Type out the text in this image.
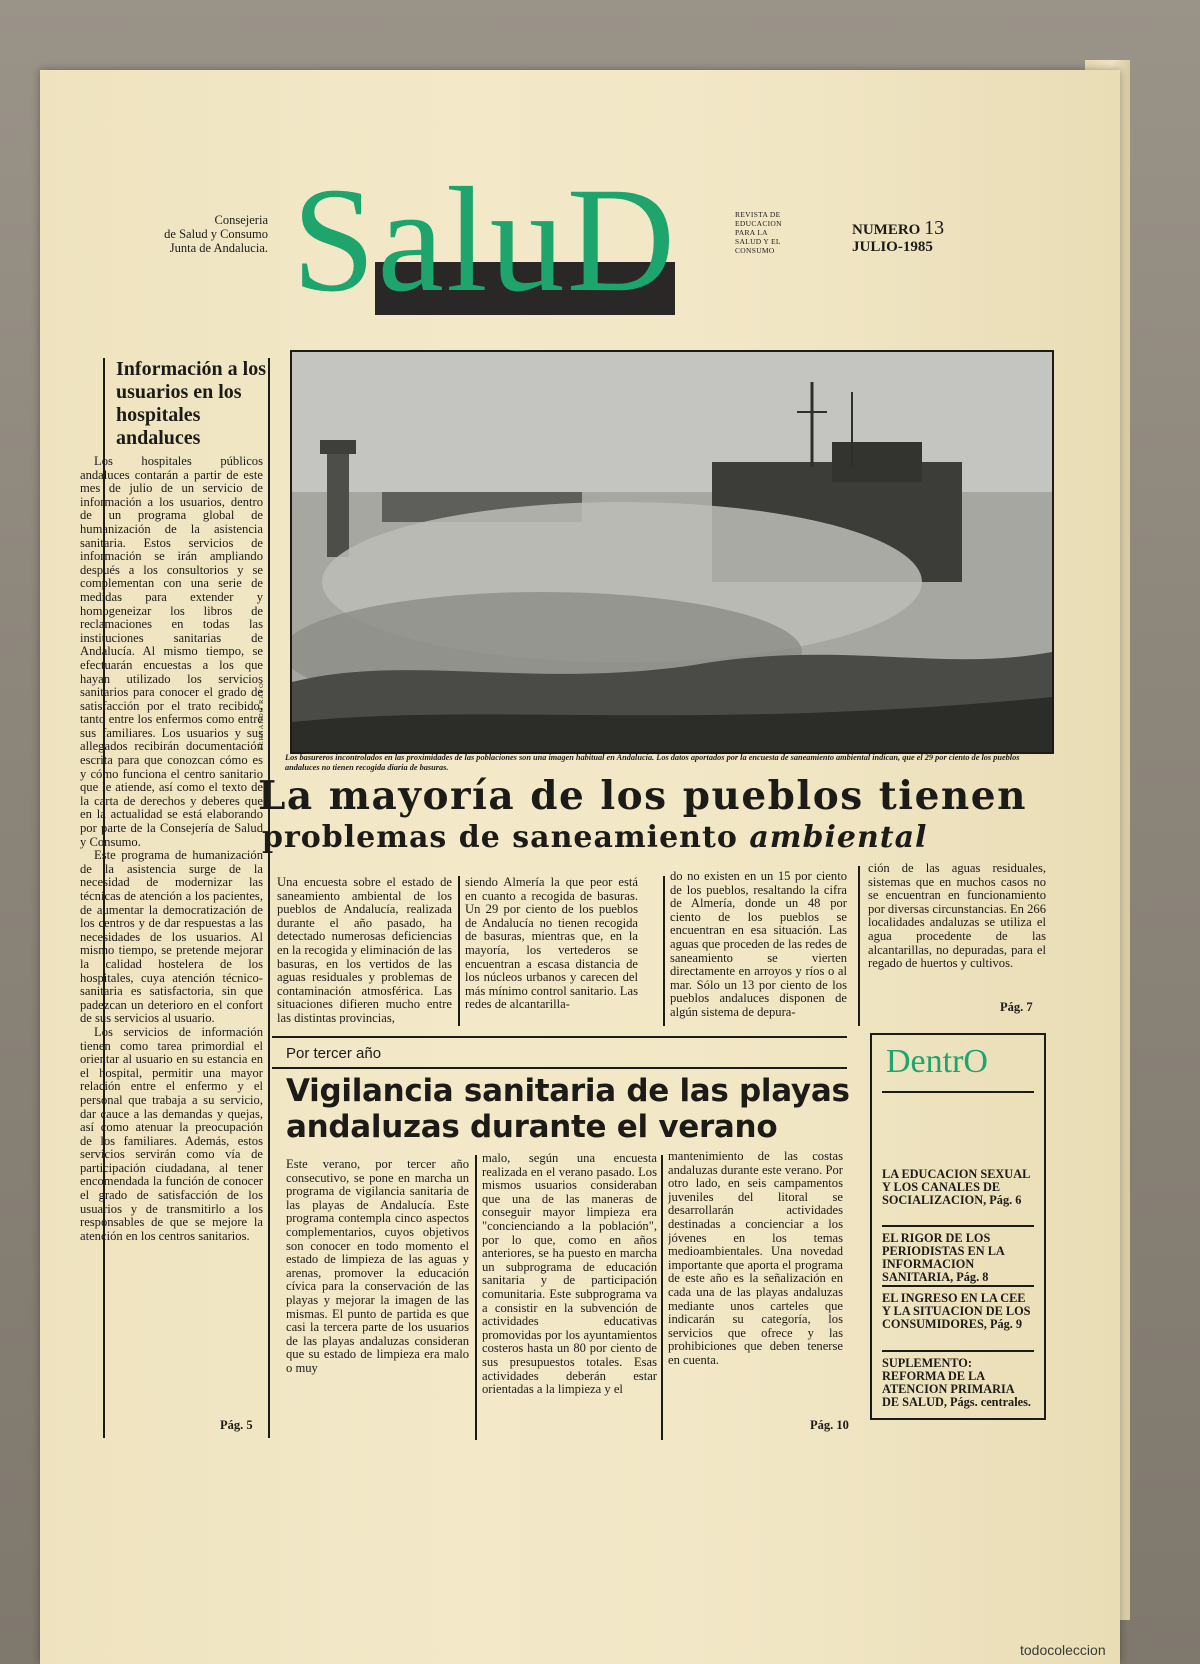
Consejeria
de Salud y Consumo
Junta de Andalucia. SaluD	REVISTA DE
EDUCACION
PARA LA
SALUD Y EL
CONSUMO
NUMERO 13
JULIO-1985
Información a los usuarios en los hospitales andaluces

Los hospitales públicos andaluces contarán a partir de este mes de julio de un servicio de información a los usuarios, dentro de un programa global de humanización de la asistencia sanitaria. Estos servicios de información se irán ampliando después a los consultorios y se complementan con una serie de medidas para extender y homogeneizar los libros de reclamaciones en todas las instituciones sanitarias de Andalucía. Al mismo tiempo, se efectuarán encuestas a los que hayan utilizado los servicios sanitarios para conocer el grado de satisfacción por el trato recibido, tanto entre los enfermos como entre sus familiares. Los usuarios y sus allegados recibirán documentación escrita para que conozcan cómo es y cómo funciona el centro sanitario que le atiende, así como el texto de la carta de derechos y deberes que en la actualidad se está elaborando por parte de la Consejería de Salud y Consumo.

Este programa de humanización de la asistencia surge de la necesidad de modernizar las técnicas de atención a los pacientes, de aumentar la democratización de los centros y de dar respuestas a las necesidades de los usuarios. Al mismo tiempo, se pretende mejorar la calidad hostelera de los hospitales, cuya atención técnico-sanitaria es satisfactoria, sin que padezcan un deterioro en el confort de sus servicios al usuario.

Los servicios de información tienen como tarea primordial el orientar al usuario en su estancia en el hospital, permitir una mayor relación entre el enfermo y el personal que trabaja a su servicio, dar cauce a las demandas y quejas, así como atenuar la preocupación de los familiares. Además, estos servicios servirán como vía de participación ciudadana, al tener encomendada la función de conocer el grado de satisfacción de los usuarios y de transmitirlo a los responsables de que se mejore la atención en los centros sanitarios.

Pág. 5
FERNANDO RAYO
Los basureros incontrolados en las proximidades de las poblaciones son una imagen habitual en Andalucía. Los datos aportados por la encuesta de saneamiento ambiental indican, que el 29 por ciento de los pueblos andaluces no tienen recogida diaria de basuras.
La mayoría de los pueblos tienen
problemas de saneamiento ambiental
Una encuesta sobre el estado de saneamiento ambiental de los pueblos de Andalucía, realizada durante el año pasado, ha detectado numerosas deficiencias en la recogida y eliminación de las basuras, en los vertidos de las aguas residuales y problemas de contaminación atmosférica. Las situaciones difieren mucho entre las distintas provincias,
siendo Almería la que peor está en cuanto a recogida de basuras. Un 29 por ciento de los pueblos de Andalucía no tienen recogida de basuras, mientras que, en la mayoría, los vertederos se encuentran a escasa distancia de los núcleos urbanos y carecen del más mínimo control sanitario. Las redes de alcantarilla-
do no existen en un 15 por ciento de los pueblos, resaltando la cifra de Almería, donde un 48 por ciento de los pueblos se encuentran en esa situación. Las aguas que proceden de las redes de saneamiento se vierten directamente en arroyos y ríos o al mar. Sólo un 13 por ciento de los pueblos andaluces disponen de algún sistema de depura-
ción de las aguas residuales, sistemas que en muchos casos no se encuentran en funcionamiento por diversas circunstancias. En 266 localidades andaluzas se utiliza el agua procedente de las alcantarillas, no depuradas, para el regado de huertos y cultivos.
Pág. 7
Por tercer año
Vigilancia sanitaria de las playas
andaluzas durante el verano
Este verano, por tercer año consecutivo, se pone en marcha un programa de vigilancia sanitaria de las playas de Andalucía. Este programa contempla cinco aspectos complementarios, cuyos objetivos son conocer en todo momento el estado de limpieza de las aguas y arenas, promover la educación cívica para la conservación de las playas y mejorar la imagen de las mismas. El punto de partida es que casi la tercera parte de los usuarios de las playas andaluzas consideran que su estado de limpieza era malo o muy
malo, según una encuesta realizada en el verano pasado. Los mismos usuarios consideraban que una de las maneras de conseguir mayor limpieza era "concienciando a la población", por lo que, como en años anteriores, se ha puesto en marcha un subprograma de educación sanitaria y de participación comunitaria. Este subprograma va a consistir en la subvención de actividades educativas promovidas por los ayuntamientos costeros hasta un 80 por ciento de sus presupuestos totales. Esas actividades deberán estar orientadas a la limpieza y el
mantenimiento de las costas andaluzas durante este verano. Por otro lado, en seis campamentos juveniles del litoral se desarrollarán actividades destinadas a concienciar a los jóvenes en los temas medioambientales. Una novedad importante que aporta el programa de este año es la señalización en cada una de las playas andaluzas mediante unos carteles que indicarán su categoría, los servicios que ofrece y las prohibiciones que deben tenerse en cuenta.
Pág. 10
DentrO
LA EDUCACION SEXUAL Y LOS CANALES DE SOCIALIZACION, Pág. 6
EL RIGOR DE LOS PERIODISTAS EN LA INFORMACION SANITARIA, Pág. 8
EL INGRESO EN LA CEE Y LA SITUACION DE LOS CONSUMIDORES, Pág. 9
SUPLEMENTO: REFORMA DE LA ATENCION PRIMARIA DE SALUD, Págs. centrales.
todocoleccion
